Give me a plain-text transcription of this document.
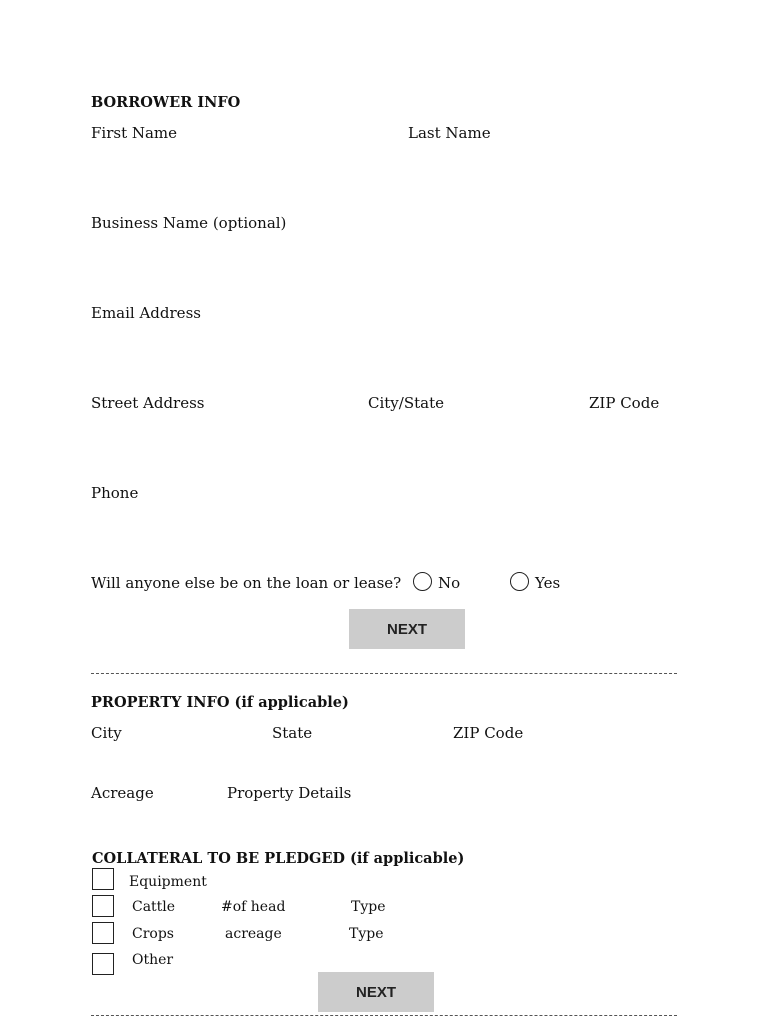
BORROWER INFO
First Name	Last Name
Business Name (optional)
Email Address
Street Address	City/State	ZIP Code
Phone
Will anyone else be on the loan or lease? No	Yes
NEXT
PROPERTY INFO (if applicable)
City	State	ZIP Code
Acreage	Property Details
COLLATERAL TO BE PLEDGED (if applicable)
Equipment
Cattle	#of head	Type
Crops	acreage	Type
Other
NEXT
